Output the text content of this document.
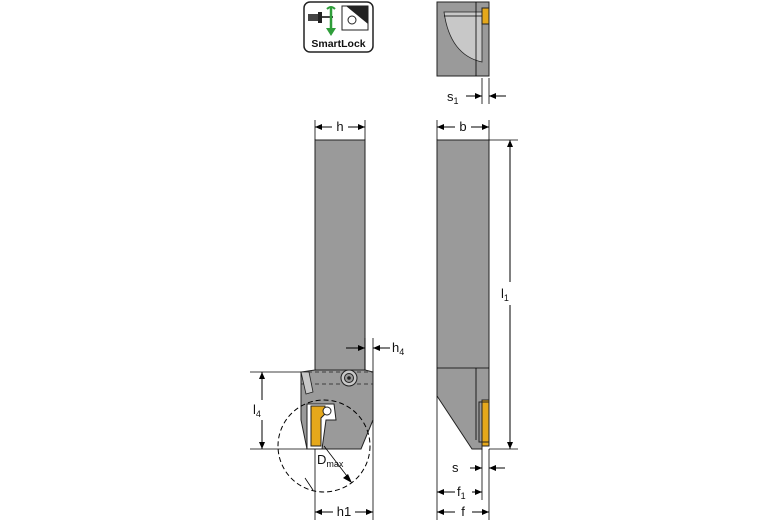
SmartLock
$s_1$
$D_{max}$
h
$h_4$
$l_4$
h1
b
$l_1$
s
$f_1$
f
